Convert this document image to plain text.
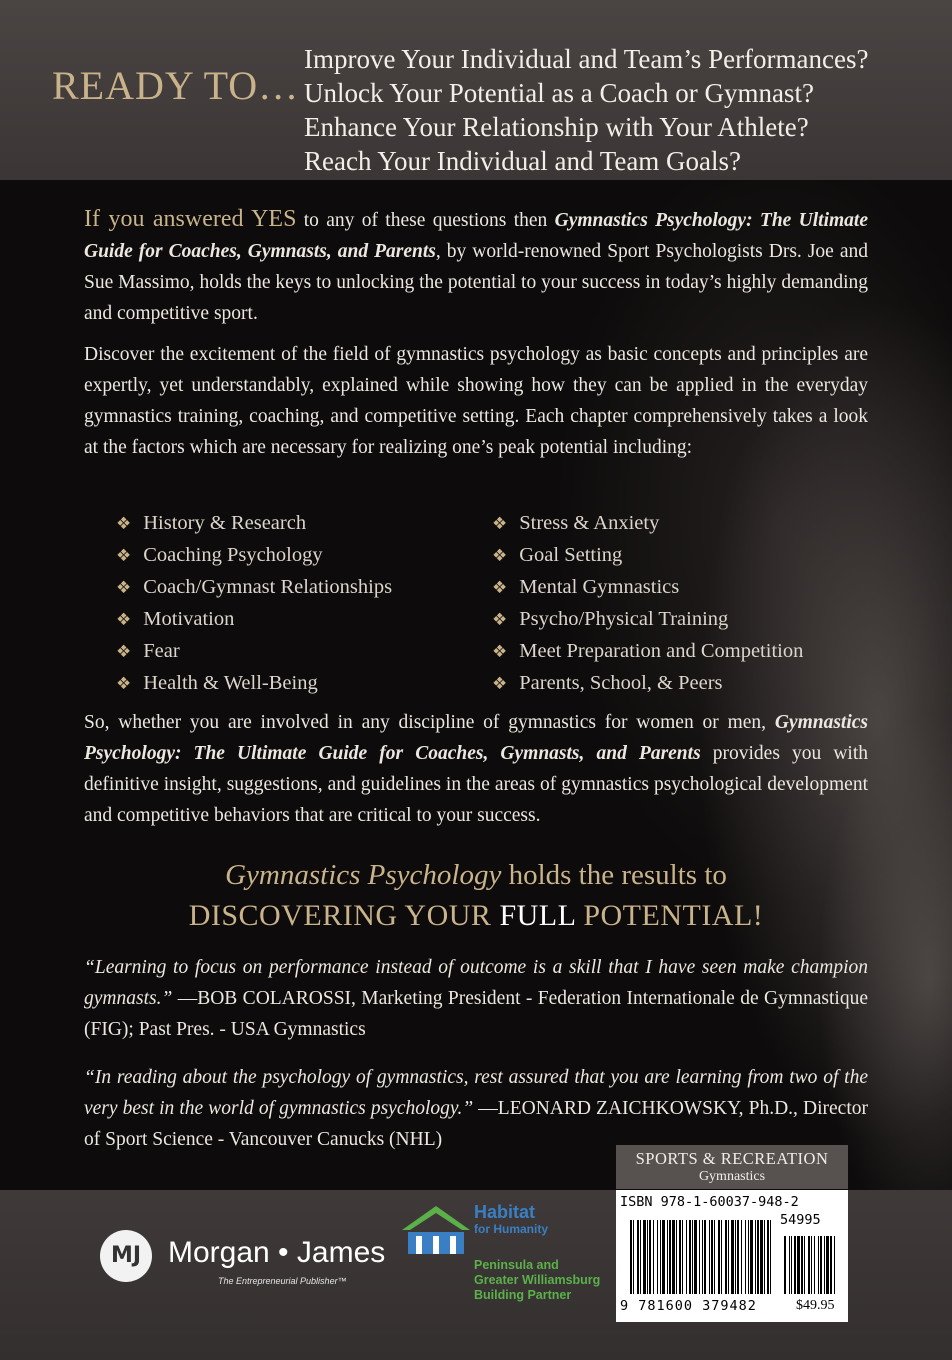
READY TO…
Improve Your Individual and Team’s Performances?
Unlock Your Potential as a Coach or Gymnast?
Enhance Your Relationship with Your Athlete?
Reach Your Individual and Team Goals?

If you answered YES to any of these questions then Gymnastics Psychology: The Ultimate Guide for Coaches, Gymnasts, and Parents, by world-renowned Sport Psychologists Drs. Joe and Sue Massimo, holds the keys to unlocking the potential to your success in today’s highly demanding and competitive sport.

Discover the excitement of the field of gymnastics psychology as basic concepts and principles are expertly, yet understandably, explained while showing how they can be applied in the everyday gymnastics training, coaching, and competitive setting. Each chapter comprehensively takes a look at the factors which are necessary for realizing one’s peak potential including:

❖ History & Research
❖ Coaching Psychology
❖ Coach/Gymnast Relationships
❖ Motivation
❖ Fear
❖ Health & Well-Being
❖ Stress & Anxiety
❖ Goal Setting
❖ Mental Gymnastics
❖ Psycho/Physical Training
❖ Meet Preparation and Competition
❖ Parents, School, & Peers

So, whether you are involved in any discipline of gymnastics for women or men, Gymnastics Psychology: The Ultimate Guide for Coaches, Gymnasts, and Parents provides you with definitive insight, suggestions, and guidelines in the areas of gymnastics psychological development and competitive behaviors that are critical to your success.

Gymnastics Psychology holds the results to
DISCOVERING YOUR FULL POTENTIAL!

“Learning to focus on performance instead of outcome is a skill that I have seen make champion gymnasts.” —BOB COLAROSSI, Marketing President - Federation Internationale de Gymnastique (FIG); Past Pres. - USA Gymnastics

“In reading about the psychology of gymnastics, rest assured that you are learning from two of the very best in the world of gymnastics psychology.” —LEONARD ZAICHKOWSKY, Ph.D., Director of Sport Science - Vancouver Canucks (NHL)

MJ Morgan • James
The Entrepreneurial Publisher™
Habitat
for Humanity
Peninsula and
Greater Williamsburg
Building Partner
SPORTS & RECREATION
Gymnastics
ISBN 978-1-60037-948-2
54995
9 781600 379482	$49.95
